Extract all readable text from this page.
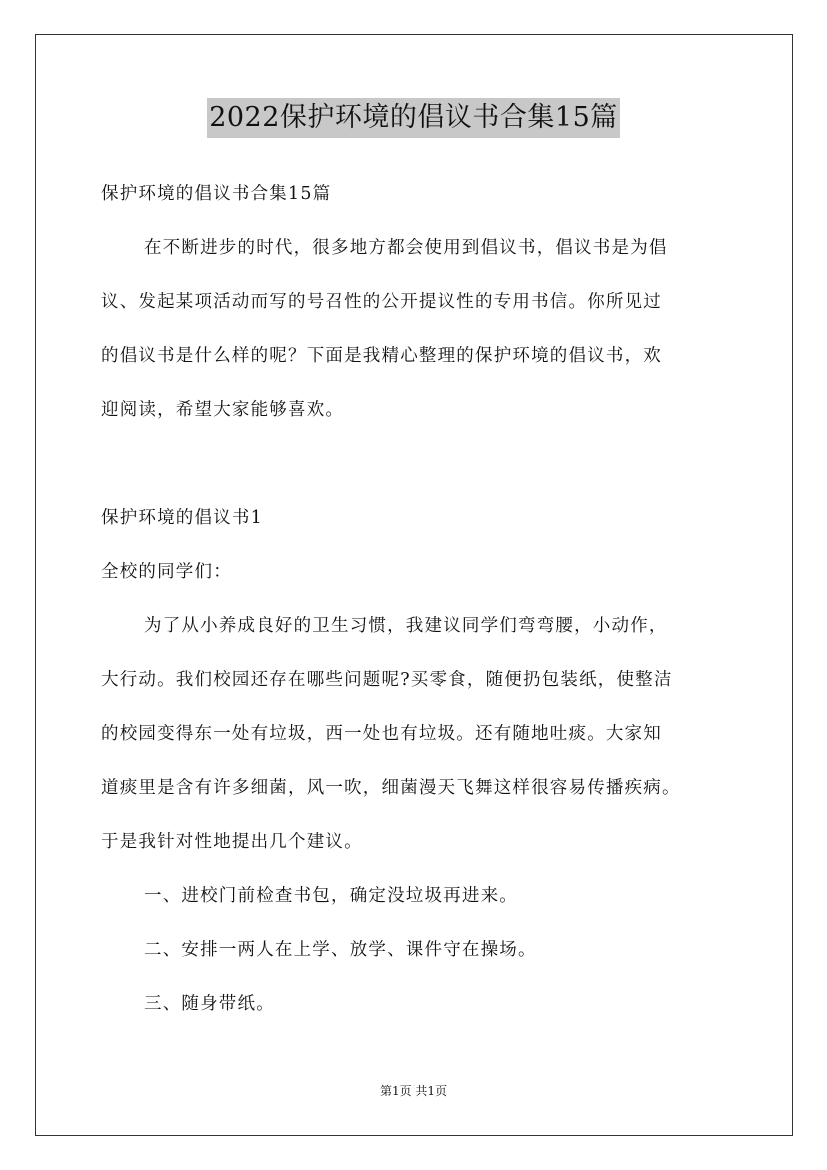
2022保护环境的倡议书合集15篇
保护环境的倡议书合集15篇
在不断进步的时代，很多地方都会使用到倡议书，倡议书是为倡
议、发起某项活动而写的号召性的公开提议性的专用书信。你所见过
的倡议书是什么样的呢？下面是我精心整理的保护环境的倡议书，欢
迎阅读，希望大家能够喜欢。
保护环境的倡议书1
全校的同学们：
为了从小养成良好的卫生习惯，我建议同学们弯弯腰，小动作，
大行动。我们校园还存在哪些问题呢?买零食，随便扔包装纸，使整洁
的校园变得东一处有垃圾，西一处也有垃圾。还有随地吐痰。大家知
道痰里是含有许多细菌，风一吹，细菌漫天飞舞这样很容易传播疾病。
于是我针对性地提出几个建议。
一、进校门前检查书包，确定没垃圾再进来。
二、安排一两人在上学、放学、课件守在操场。
三、随身带纸。
第1页 共1页
